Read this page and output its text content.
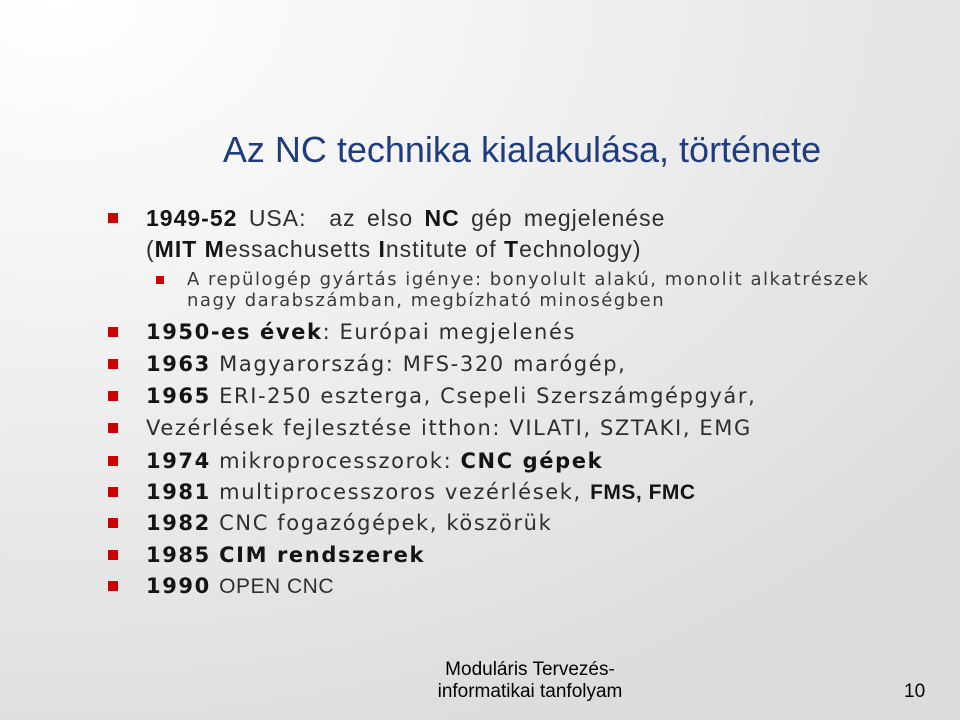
Az NC technika kialakulása, története
1949-52 USA:  az elso NC gép megjelenése
(MIT Messachusetts Institute of Technology)
A repülogép gyártás igénye: bonyolult alakú, monolit alkatrészek
nagy darabszámban, megbízható minoségben
1950-es évek: Európai megjelenés
1963 Magyarország: MFS-320 marógép,
1965 ERI-250 eszterga, Csepeli Szerszámgépgyár,
Vezérlések fejlesztése itthon: VILATI, SZTAKI, EMG
1974 mikroprocesszorok: CNC gépek
1981 multiprocesszoros vezérlések, FMS, FMC
1982 CNC fogazógépek, köszörük
1985 CIM rendszerek
1990 OPEN CNC
Moduláris Tervezés-
informatikai tanfolyam	10
